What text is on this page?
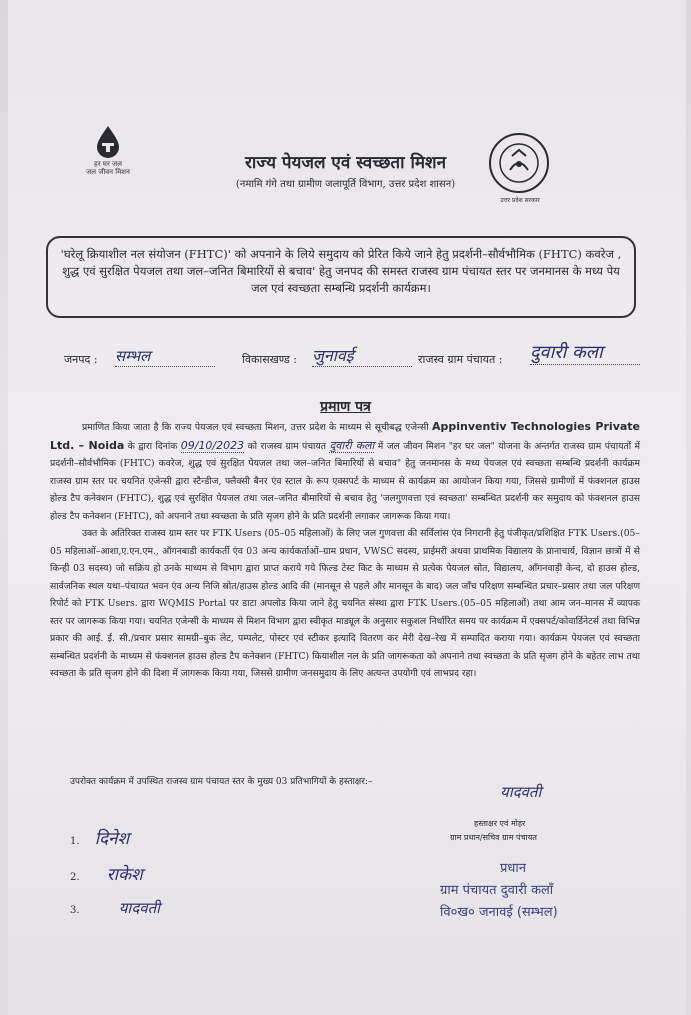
हर घर जल
जल जीवन मिशन
उत्तर प्रदेश सरकार
राज्य पेयजल एवं स्वच्छता मिशन
(नमामि गंगे तथा ग्रामीण जलापूर्ति विभाग, उत्तर प्रदेश शासन)
'घरेलू क्रियाशील नल संयोजन (FHTC)' को अपनाने के लिये समुदाय को प्रेरित किये जाने हेतु प्रदर्शनी–सौर्वभौमिक (FHTC) कवरेज , शुद्ध एवं सुरक्षित पेयजल तथा जल–जनित बिमारियों से बचाव' हेतु जनपद की समस्त राजस्व ग्राम पंचायत स्तर पर जनमानस के मध्य पेय जल एवं स्वच्छता सम्बन्धि प्रदर्शनी कार्यक्रम।
जनपद : सम्भल	विकासखण्ड : जुनावई	राजस्व ग्राम पंचायत : दुवारी कला
प्रमाण पत्र

प्रमाणित किया जाता है कि राज्य पेयजल एवं स्वच्छता मिशन, उत्तर प्रदेश के माध्यम से सूचीबद्ध एजेन्सी Appinventiv Technologies Private Ltd. – Noida के द्वारा दिनांक 09/10/2023 को राजस्व ग्राम पंचायत दुवारी कला में जल जीवन मिशन "हर घर जल" योजना के अन्तर्गत राजस्व ग्राम पंचायतों में प्रदर्शनी–सौर्वभौमिक (FHTC) कवरेज, शुद्ध एवं सुरक्षित पेयजल तथा जल–जनित बिमारियों से बचाव" हेतु जनमानस के मध्य पेयजल एवं स्वच्छता सम्बन्धि प्रदर्शनी कार्यक्रम राजस्व ग्राम स्तर पर चयनित एजेन्सी द्वारा स्टैन्डीज, फ्लैक्सी बैनर एंव स्टाल के रूप एक्सपर्ट के माध्यम से कार्यक्रम का आयोजन किया गया, जिससे ग्रामीणों में फंक्शनल हाउस होल्ड टैप कनेक्शन (FHTC), शुद्ध एवं सुरक्षित पेयजल तथा जल–जनित बीमारियों से बचाव हेतु 'जलगुणवत्ता एवं स्वच्छता' सम्बन्धित प्रदर्शनी कर समुदाय को फंक्शनल हाउस होल्ड टैप कनेक्शन (FHTC), को अपनाने तथा स्वच्छता के प्रति सृजग होने के प्रति प्रदर्शनी लगाकर जागरूक किया गया।

उक्त के अतिरिक्त राजस्व ग्राम स्तर पर FTK Users (05–05 महिलाओं) के लिए जल गुणवत्ता की सर्विलांस एंव निगरानी हेतु पंजीकृत/प्रशिक्षित FTK Users.(05–05 महिलाओं–आशा,ए.एन.एम., ऑगनबाडी कार्यकर्ती एंव 03 अन्य कार्यकर्ताओं–ग्राम प्रधान, VWSC सदस्य, प्राईमरी अथवा प्राथमिक विद्यालय के प्रानाचार्य, विज्ञान छात्रों में से किन्ही 03 सदस्य) जो सक्रिय हो उनके माध्यम से विभाग द्वारा प्राप्त कराये गये फिल्ड टेस्ट किट के माध्यम से प्रत्येक पेयजल स्रोत, विद्यालय, आँगनवाड़ी केन्द, दो हाउस होल्ड, सार्वजनिक स्थल यथा–पंचायत भवन एंव अन्य निजि स्रोत/हाउस होल्ड आदि की (मानसून से पहले और मानसून के बाद) जल जाँच परिक्षण सम्बन्धित प्रचार–प्रसार तथा जल परिक्षण रिपोर्ट को FTK Users. द्वारा WQMIS Portal पर डाटा अपलोड किया जाने हेतु चयनित संस्था द्वारा FTK Users.(05–05 महिलाओं) तथा आम जन–मानस में व्यापक स्तर पर जागरूक किया गया। चयनित एजेन्सी के माध्यम से मिशन विभाग द्वारा स्वीकृत माड्यूल के अनुसार सकुशल निर्धारित समय पर कार्यक्रम में एक्सपर्ट/कोवार्डिनेटर्स तथा विभिन्न प्रकार की आई. ई. सी./प्रचार प्रसार सामग्री–बुक लेट, पम्पलेट, पोस्टर एवं स्टीकर इत्यादि वितरण कर मेरी देख–रेख में सम्पादित कराया गया। कार्यक्रम पेयजल एवं स्वच्छता सम्बन्धित प्रदर्शनी के माध्यम से फंक्शनल हाउस होल्ड टैप कनेक्शन (FHTC) कियाशील नल के प्रति जागरूकता को अपनाने तथा स्वच्छता के प्रति सृजग होने के बहेतर लाभ तथा स्वच्छता के प्रति सृजग होने की दिशा में जागरूक किया गया, जिससे ग्रामीण जनसमुदाय के लिए अत्यन्त उपयोगी एवं लाभप्रद रहा।

उपरोक्त कार्यक्रम में उपस्थित राजस्व ग्राम पंचायत स्तर के मुख्य 03 प्रतिभागियों के हस्ताक्षर:–
1. दिनेश
2. राकेश
3.	यादवती
यादवती
हस्ताक्षर एवं मोहर
ग्राम प्रधान/सचिव ग्राम पंचायत
प्रधान
ग्राम पंचायत दुवारी कलाँ
वि०ख० जनावई (सम्भल)
